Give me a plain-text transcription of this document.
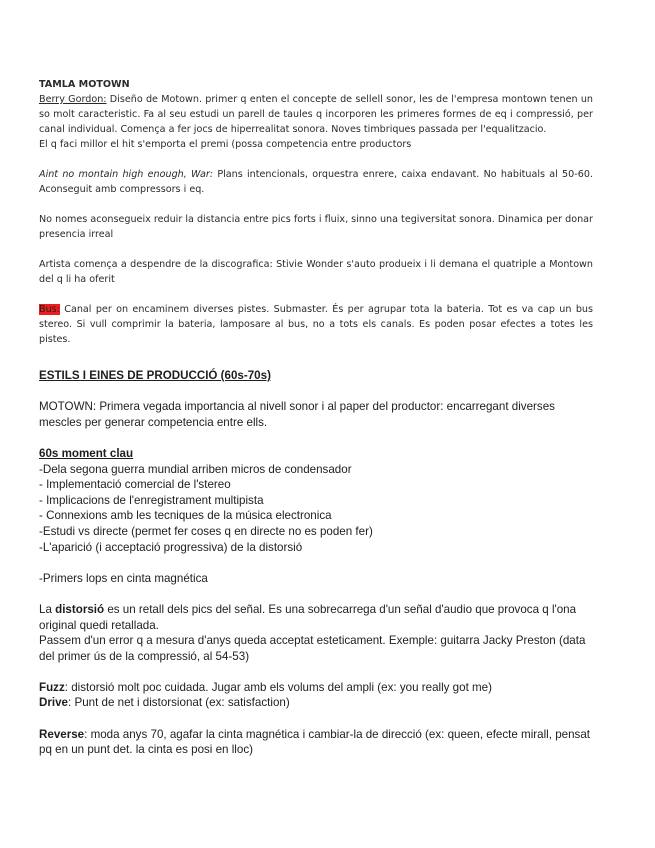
TAMLA MOTOWN

Berry Gordon: Diseño de Motown. primer q enten el concepte de sellell sonor, les de l'empresa montown tenen un so molt caracteristic. Fa al seu estudi un parell de taules q incorporen les primeres formes de eq i compressió, per canal individual. Comença a fer jocs de hiperrealitat sonora. Noves timbriques passada per l'equalitzacio.

El q faci millor el hit s'emporta el premi (possa competencia entre productors

Aint no montain high enough, War: Plans intencionals, orquestra enrere, caixa endavant. No habituals al 50-60. Aconseguit amb compressors i eq.

No nomes aconsegueix reduir la distancia entre pics forts i fluix, sinno una tegiversitat sonora. Dinamica per donar presencia irreal

Artista comença a despendre de la discografica: Stivie Wonder s'auto produeix i li demana el quatriple a Montown del q li ha oferit

Bus: Canal per on encaminem diverses pistes. Submaster. És per agrupar tota la bateria. Tot es va cap un bus stereo. Si vull comprimir la bateria, lamposare al bus, no a tots els canals. Es poden posar efectes a totes les pistes.

ESTILS I EINES DE PRODUCCIÓ (60s-70s)

MOTOWN: Primera vegada importancia al nivell sonor i al paper del productor: encarregant diverses mescles per generar competencia entre ells.

60s moment clau

-Dela segona guerra mundial arriben micros de condensador

- Implementació comercial de l'stereo

- Implicacions de l'enregistrament multipista

- Connexions amb les tecniques de la música electronica

-Estudi vs directe (permet fer coses q en directe no es poden fer)

-L'aparició (i acceptació progressiva) de la distorsió

-Primers lops en cinta magnética

La distorsió es un retall dels pics del señal. Es una sobrecarrega d'un señal d'audio que provoca q l'ona original quedi retallada.

Passem d'un error q a mesura d'anys queda acceptat esteticament. Exemple: guitarra Jacky Preston (data del primer ús de la compressió, al 54-53)

Fuzz: distorsió molt poc cuidada. Jugar amb els volums del ampli (ex: you really got me)

Drive: Punt de net i distorsionat (ex: satisfaction)

Reverse: moda anys 70, agafar la cinta magnética i cambiar-la de direcció (ex: queen, efecte mirall, pensat pq en un punt det. la cinta es posi en lloc)
